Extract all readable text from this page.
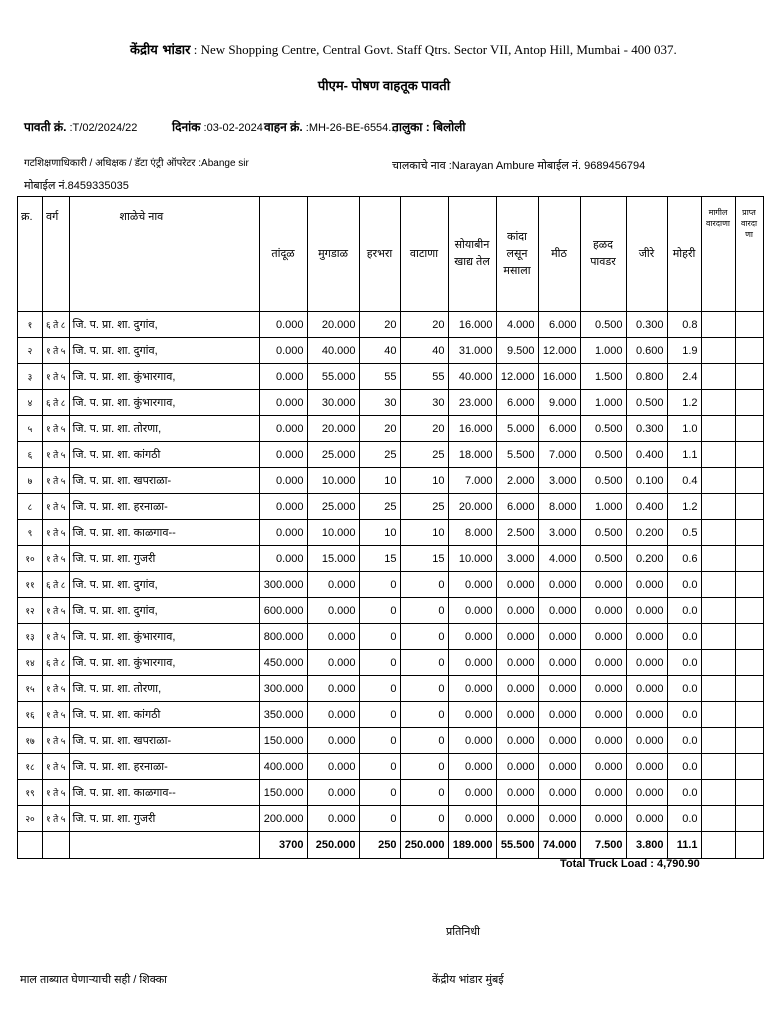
केंद्रीय भांडार : New Shopping Centre, Central Govt. Staff Qtrs. Sector VII, Antop Hill, Mumbai - 400 037.
पीएम- पोषण वाहतूक पावती
पावती क्रं. :T/02/2024/22	दिनांक :03-02-2024 वाहन क्रं. :MH-26-BE-6554..,
तालुका : बिलोली
गटशिक्षणाधिकारी / अधिक्षक / डॅटा एंट्री ऑपरेटर :Abange sir	चालकाचे नाव :Narayan Ambure मोबाईल नं. 9689456794
मोबाईल नं.8459335035
क्र.	वर्ग	शाळेचे नाव	तांदूळ	मुगडाळ	हरभरा	वाटाणा	सोयाबीन खाद्य तेल	कांदा लसून मसाला	मीठ	हळद पावडर	जीरे	मोहरी	मागील वारदाणा	प्राप्त वारदा णा
१	६ ते ८	जि. प. प्रा. शा. दुगांव,	0.000	20.000	20	20	16.000	4.000	6.000	0.500	0.300	0.8		
२	१ ते ५	जि. प. प्रा. शा. दुगांव,	0.000	40.000	40	40	31.000	9.500	12.000	1.000	0.600	1.9		
३	१ ते ५	जि. प. प्रा. शा. कुंभारगाव,	0.000	55.000	55	55	40.000	12.000	16.000	1.500	0.800	2.4		
४	६ ते ८	जि. प. प्रा. शा. कुंभारगाव,	0.000	30.000	30	30	23.000	6.000	9.000	1.000	0.500	1.2		
५	१ ते ५	जि. प. प्रा. शा. तोरणा,	0.000	20.000	20	20	16.000	5.000	6.000	0.500	0.300	1.0		
६	१ ते ५	जि. प. प्रा. शा. कांगठी	0.000	25.000	25	25	18.000	5.500	7.000	0.500	0.400	1.1		
७	१ ते ५	जि. प. प्रा. शा. खपराळा-	0.000	10.000	10	10	7.000	2.000	3.000	0.500	0.100	0.4		
८	१ ते ५	जि. प. प्रा. शा. हरनाळा-	0.000	25.000	25	25	20.000	6.000	8.000	1.000	0.400	1.2		
९	१ ते ५	जि. प. प्रा. शा. काळगाव--	0.000	10.000	10	10	8.000	2.500	3.000	0.500	0.200	0.5		
१०	१ ते ५	जि. प. प्रा. शा. गुजरी	0.000	15.000	15	15	10.000	3.000	4.000	0.500	0.200	0.6		
११	६ ते ८	जि. प. प्रा. शा. दुगांव,	300.000	0.000	0	0	0.000	0.000	0.000	0.000	0.000	0.0		
१२	१ ते ५	जि. प. प्रा. शा. दुगांव,	600.000	0.000	0	0	0.000	0.000	0.000	0.000	0.000	0.0		
१३	१ ते ५	जि. प. प्रा. शा. कुंभारगाव,	800.000	0.000	0	0	0.000	0.000	0.000	0.000	0.000	0.0		
१४	६ ते ८	जि. प. प्रा. शा. कुंभारगाव,	450.000	0.000	0	0	0.000	0.000	0.000	0.000	0.000	0.0		
१५	१ ते ५	जि. प. प्रा. शा. तोरणा,	300.000	0.000	0	0	0.000	0.000	0.000	0.000	0.000	0.0		
१६	१ ते ५	जि. प. प्रा. शा. कांगठी	350.000	0.000	0	0	0.000	0.000	0.000	0.000	0.000	0.0		
१७	१ ते ५	जि. प. प्रा. शा. खपराळा-	150.000	0.000	0	0	0.000	0.000	0.000	0.000	0.000	0.0		
१८	१ ते ५	जि. प. प्रा. शा. हरनाळा-	400.000	0.000	0	0	0.000	0.000	0.000	0.000	0.000	0.0		
१९	१ ते ५	जि. प. प्रा. शा. काळगाव--	150.000	0.000	0	0	0.000	0.000	0.000	0.000	0.000	0.0		
२०	१ ते ५	जि. प. प्रा. शा. गुजरी	200.000	0.000	0	0	0.000	0.000	0.000	0.000	0.000	0.0		
			3700	250.000	250	250.000	189.000	55.500	74.000	7.500	3.800	11.1		
Total Truck Load : 4,790.90
प्रतिनिधी
माल ताब्यात घेणाऱ्याची सही / शिक्का	केंद्रीय भांडार मुंबई
